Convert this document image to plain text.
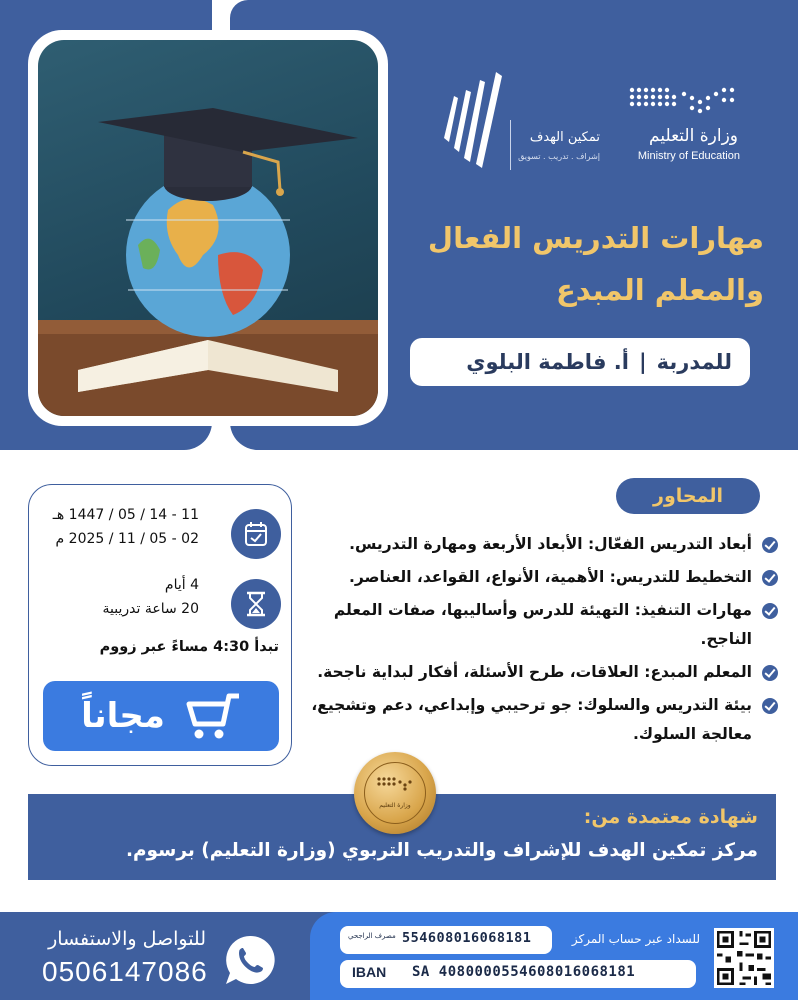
وزارة التعليم
Ministry of Education
تمكين الهدف
إشراف . تدريب . تسويق
مهارات التدريس الفعال والمعلم المبدع
للمدربة
|
أ. فاطمة البلوي
المحاور
أبعاد التدريس الفعّال: الأبعاد الأربعة ومهارة التدريس.
التخطيط للتدريس: الأهمية، الأنواع، القواعد، العناصر.
مهارات التنفيذ: التهيئة للدرس وأساليبها، صفات المعلم الناجح.
المعلم المبدع: العلاقات، طرح الأسئلة، أفكار لبداية ناجحة.
بيئة التدريس والسلوك: جو ترحيبي وإبداعي، دعم وتشجيع، معالجة السلوك.
11 - 14 / 05 / 1447 هـ
02 - 05 / 11 / 2025 م
4 أيام
20 ساعة تدريبية
تبدأ 4:30 مساءً عبر زووم
مجاناً
شهادة معتمدة من:
مركز تمكين الهدف للإشراف والتدريب التربوي (وزارة التعليم) برسوم.
وزارة التعليم
للسداد عبر حساب المركز
مصرف الراجحي 554608016068181
IBAN SA 4080000554608016068181
للتواصل والاستفسار
0506147086
